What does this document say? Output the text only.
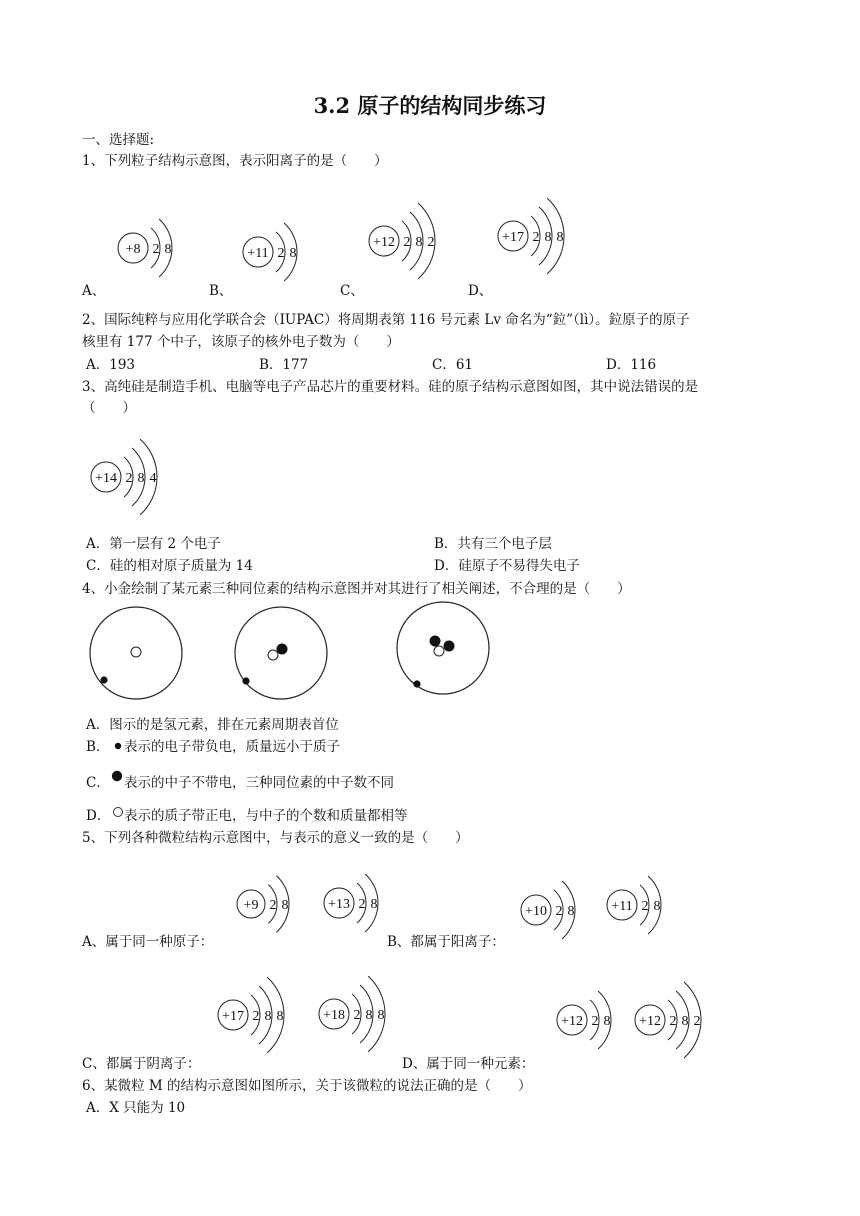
3.2 原子的结构同步练习
一、选择题:
1、下列粒子结构示意图，表示阳离子的是（　　）
+8 2 8	+11 2 8
+12 2 8 2	+17 2 8 8
A、	B、	C、	D、
2、国际纯粹与应用化学联合会（IUPAC）将周期表第 116 号元素 Lv 命名为“鉝”（lì）。鉝原子的原子
核里有 177 个中子，该原子的核外电子数为（　　）
A．193	B．177	C．61	D．116
3、高纯硅是制造手机、电脑等电子产品芯片的重要材料。硅的原子结构示意图如图，其中说法错误的是
（　　）
+14 2 8 4
A．第一层有 2 个电子	B．共有三个电子层
C．硅的相对原子质量为 14	D．硅原子不易得失电子
4、小金绘制了某元素三种同位素的结构示意图并对其进行了相关阐述，不合理的是（　　）
A．图示的是氢元素，排在元素周期表首位
B． 表示的电子带负电，质量远小于质子
C． 表示的中子不带电，三种同位素的中子数不同
D． 表示的质子带正电，与中子的个数和质量都相等
5、下列各种微粒结构示意图中，与表示的意义一致的是（　　）
+9 2 8	+13 2 8	+10 2 8	+11 2 8
A、属于同一种原子：	B、都属于阳离子：
+17 2 8 8	+18 2 8 8	+12 2 8 +12 2 8 2
C、都属于阴离子：	D、属于同一种元素：
6、某微粒 M 的结构示意图如图所示，关于该微粒的说法正确的是（　　）
A．X 只能为 10
